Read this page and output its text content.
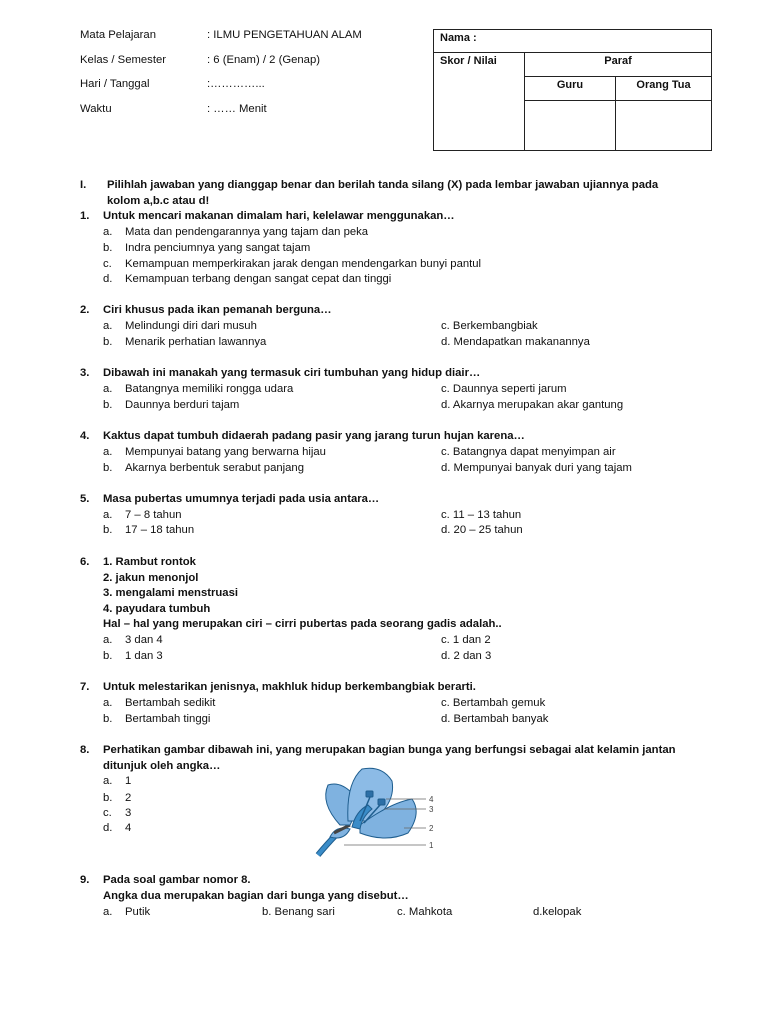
Mata Pelajaran	: ILMU PENGETAHUAN ALAM
Kelas / Semester	: 6 (Enam) / 2 (Genap)
Hari / Tanggal	:…………...
Waktu	: …… Menit
Nama :		
Skor / Nilai	Paraf	
	Guru	Orang Tua

I. Pilihlah jawaban yang dianggap benar dan berilah tanda silang (X) pada lembar jawaban ujiannya pada
kolom a,b.c atau d!
1. Untuk mencari makanan dimalam hari, kelelawar menggunakan…
a. Mata dan pendengarannya yang tajam dan peka
b. Indra penciumnya yang sangat tajam
c. Kemampuan memperkirakan jarak dengan mendengarkan bunyi pantul
d. Kemampuan terbang dengan sangat cepat dan tinggi
2. Ciri khusus pada ikan pemanah berguna…
a. Melindungi diri dari musuh
b. Menarik perhatian lawannya
c. Berkembangbiak
d. Mendapatkan makanannya
3. Dibawah ini manakah yang termasuk ciri tumbuhan yang hidup diair…
a. Batangnya memiliki rongga udara
b. Daunnya berduri tajam
c. Daunnya seperti jarum
d. Akarnya merupakan akar gantung
4. Kaktus dapat tumbuh didaerah padang pasir yang jarang turun hujan karena…
a. Mempunyai batang yang berwarna hijau
b. Akarnya berbentuk serabut panjang
c. Batangnya dapat menyimpan air
d. Mempunyai banyak duri yang tajam
5. Masa pubertas umumnya terjadi pada usia antara…
a. 7 – 8 tahun
b. 17 – 18 tahun
c. 11 – 13 tahun
d. 20 – 25 tahun
6. 1. Rambut rontok
2. jakun menonjol
3. mengalami menstruasi
4. payudara tumbuh
Hal – hal yang merupakan ciri – cirri pubertas pada seorang gadis adalah..
a. 3 dan 4
b. 1 dan 3
c. 1 dan 2
d. 2 dan 3
7. Untuk melestarikan jenisnya, makhluk hidup berkembangbiak berarti.
a. Bertambah sedikit
b. Bertambah tinggi
c. Bertambah gemuk
d. Bertambah banyak
8. Perhatikan gambar dibawah ini, yang merupakan bagian bunga yang berfungsi sebagai alat kelamin jantan
ditunjuk oleh angka…
a. 1
b. 2
c. 3
d. 4
4
3
2
1
9. Pada soal gambar nomor 8.
Angka dua merupakan bagian dari bunga yang disebut…
a. Putik	b. Benang sari	c. Mahkota	d.kelopak
